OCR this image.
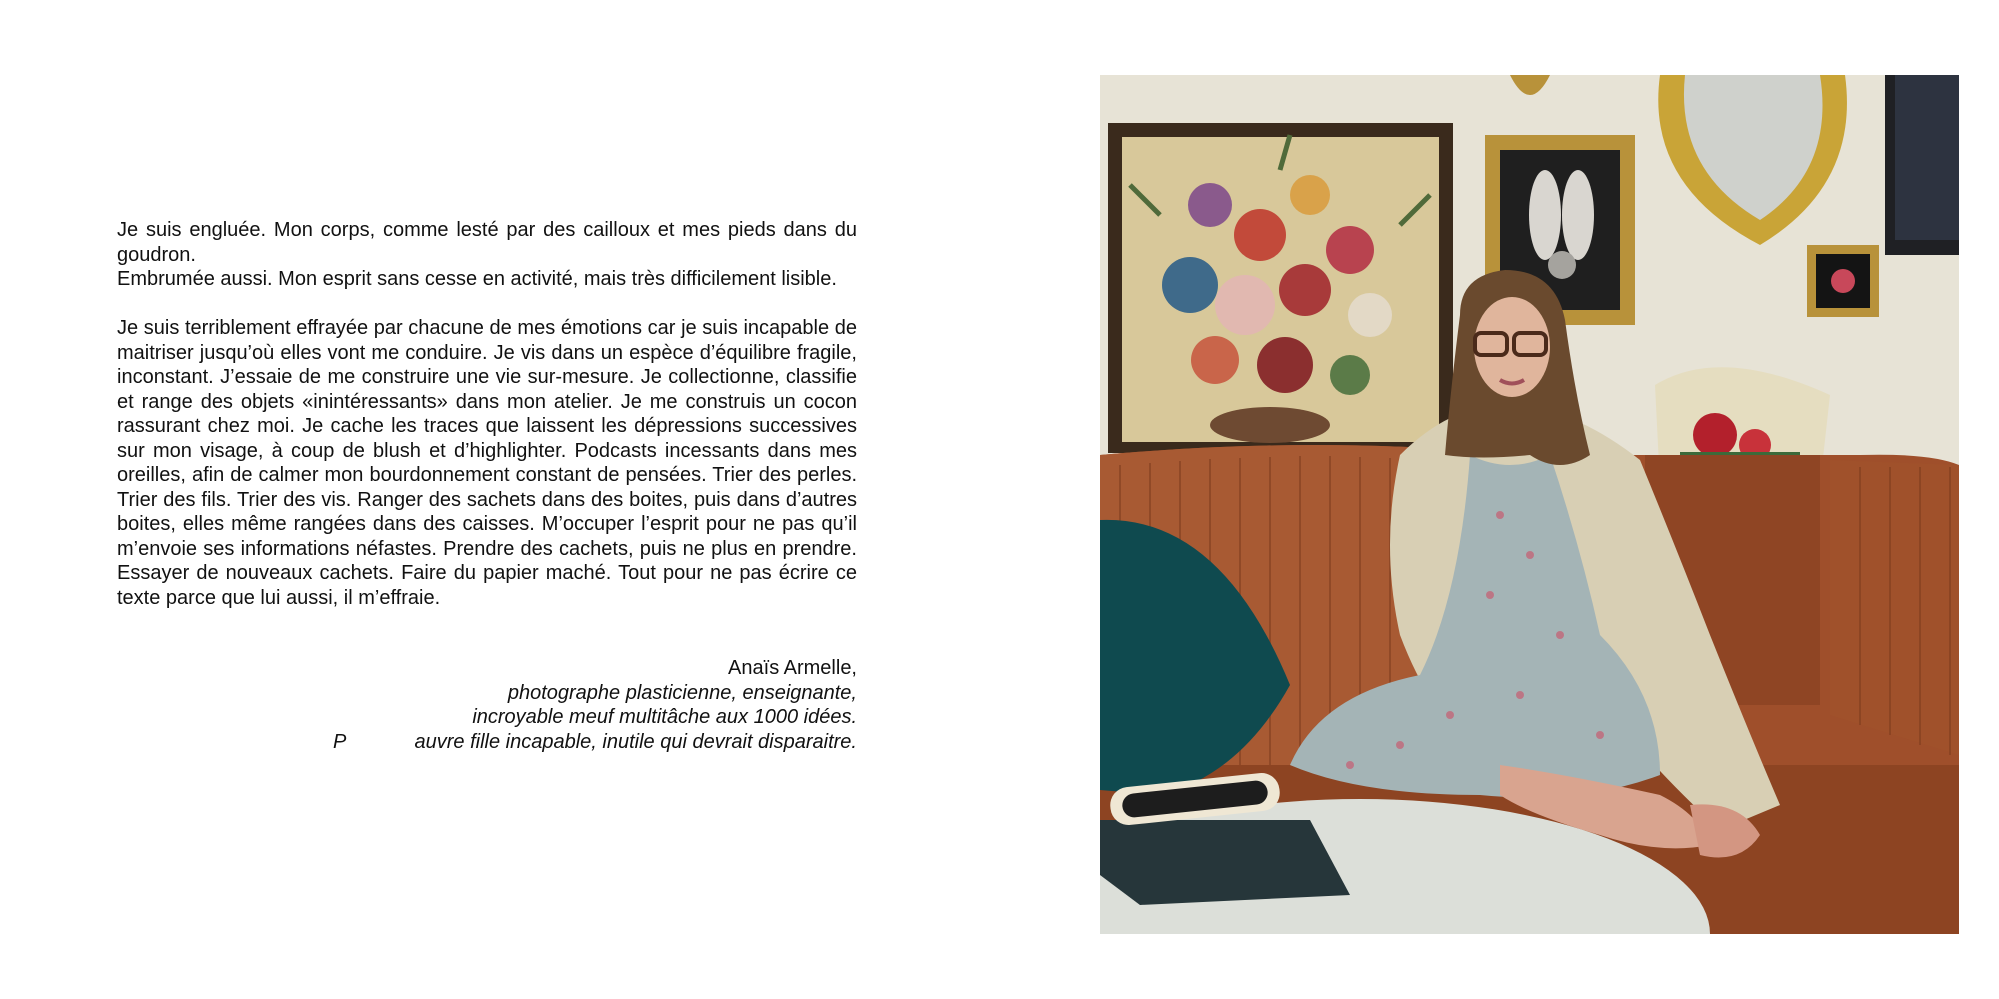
Je suis engluée. Mon corps, comme lesté par des cailloux et mes pieds dans du goudron.

Embrumée aussi. Mon esprit sans cesse en activité, mais très difficilement lisible.

Je suis terriblement effrayée par chacune de mes émotions car je suis incapable de maitriser jusqu’où elles vont me conduire. Je vis dans un espèce d’équilibre fragile, inconstant. J’essaie de me construire une vie sur-mesure. Je collectionne, classifie et range des objets «inintéressants» dans mon atelier. Je me construis un cocon rassurant chez moi. Je cache les traces que laissent les dépressions successives sur mon visage, à coup de blush et d’highlighter. Podcasts incessants dans mes oreilles, afin de calmer mon bourdonnement constant de pensées. Trier des perles. Trier des fils. Trier des vis. Ranger des sachets dans des boites, puis dans d’autres boites, elles même rangées dans des caisses. M’occuper l’esprit pour ne pas qu’il m’envoie ses informations néfastes. Prendre des cachets, puis ne plus en prendre. Essayer de nouveaux cachets. Faire du papier maché. Tout pour ne pas écrire ce texte parce que lui aussi, il m’effraie.

Anaïs Armelle,
photographe plasticienne, enseignante,
incroyable meuf multitâche aux 1000 idées.
P	auvre fille incapable, inutile qui devrait disparaitre.
